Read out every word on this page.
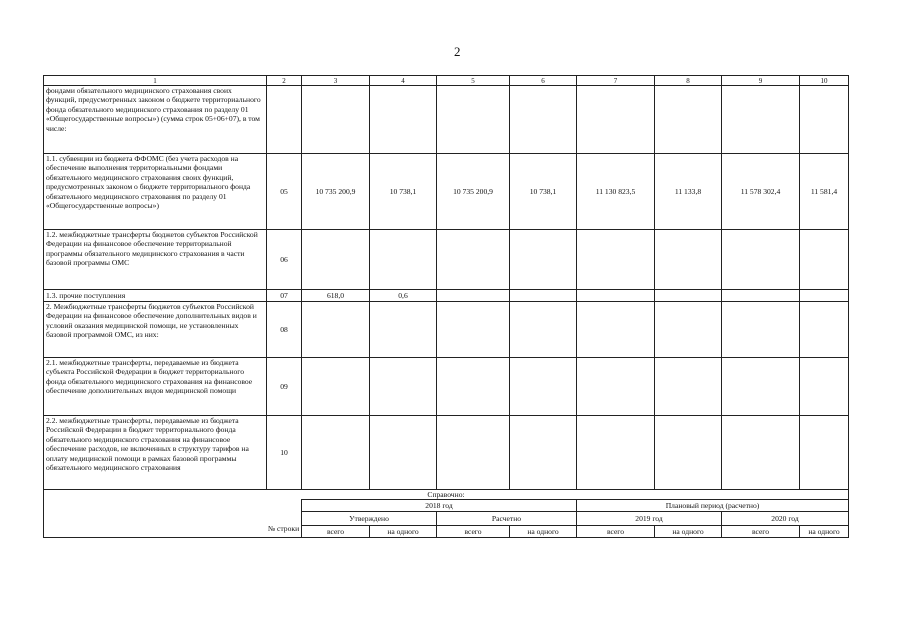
2
1	2	3	4	5	6	7	8	9	10
фондами обязательного медицинского страхования своих функций, предусмотренных законом о бюджете территориального фонда обязательного медицинского страхования по разделу 01 «Общегосударственные вопросы») (сумма строк 05+06+07), в том числе:									
1.1. субвенции из бюджета ФФОМС (без учета расходов на обеспечение выполнения территориальными фондами обязательного медицинского страхования своих функций, предусмотренных законом о бюджете территориального фонда обязательного медицинского страхования по разделу 01 «Общегосударственные вопросы»)	05	10 735 200,9	10 738,1	10 735 200,9	10 738,1	11 130 823,5	11 133,8	11 578 302,4	11 581,4
1.2. межбюджетные трансферты бюджетов субъектов Российской Федерации на финансовое обеспечение территориальной программы обязательного медицинского страхования в части базовой программы ОМС	06								
1.3. прочие поступления	07	618,0	0,6						
2. Межбюджетные трансферты бюджетов субъектов Российской Федерации на финансовое обеспечение дополнительных видов и условий оказания медицинской помощи, не установленных базовой программой ОМС, из них:	08								
2.1. межбюджетные трансферты, передаваемые из бюджета субъекта Российской Федерации в бюджет территориального фонда обязательного медицинского страхования на финансовое обеспечение дополнительных видов медицинской помощи	09								
2.2. межбюджетные трансферты, передаваемые из бюджета Российской Федерации в бюджет территориального фонда обязательного медицинского страхования на финансовое обеспечение расходов, не включенных в структуру тарифов на оплату медицинской помощи в рамках базовой программы обязательного медицинского страхования	10								
Справочно:									
		2018 год				Плановый период (расчетно)			
		Утверждено		Расчетно		2019 год		2020 год	
		всего	на одного	всего	на одного	всего	на одного	всего	на одного
№ строки
